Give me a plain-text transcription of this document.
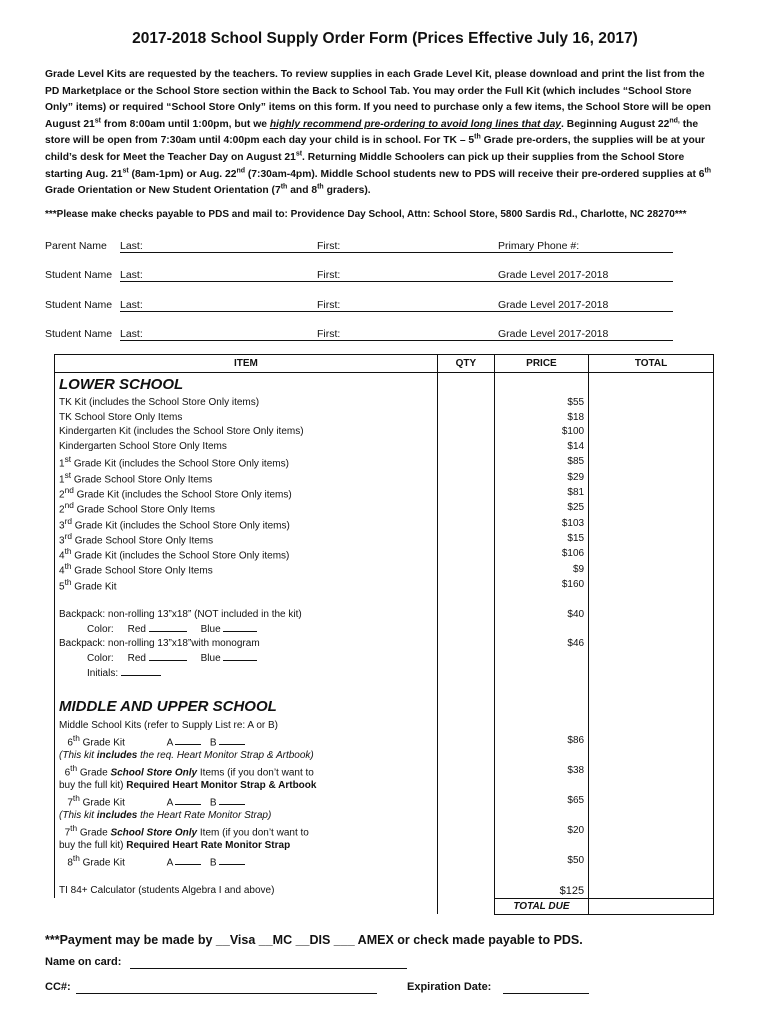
2017-2018 School Supply Order Form (Prices Effective July 16, 2017)
Grade Level Kits are requested by the teachers. To review supplies in each Grade Level Kit, please download and print the list from the PD Marketplace or the School Store section within the Back to School Tab. You may order the Full Kit (which includes “School Store Only” items) or required “School Store Only” items on this form. If you need to purchase only a few items, the School Store will be open August 21st from 8:00am until 1:00pm, but we highly recommend pre-ordering to avoid long lines that day. Beginning August $22^{nd,}$ the store will be open from 7:30am until 4:00pm each day your child is in school. For TK – 5th Grade pre-orders, the supplies will be at your child’s desk for Meet the Teacher Day on August 21st. Returning Middle Schoolers can pick up their supplies from the School Store starting Aug. 21st (8am-1pm) or Aug. 22nd (7:30am-4pm). Middle School students new to PDS will receive their pre-ordered supplies at 6th Grade Orientation or New Student Orientation (7th and 8th graders).
***Please make checks payable to PDS and mail to: Providence Day School, Attn: School Store, 5800 Sardis Rd., Charlotte, NC 28270***
Parent Name Last:	First:	Primary Phone #:
Student Name Last:	First:	Grade Level 2017-2018
Student Name Last:	First:	Grade Level 2017-2018
Student Name Last:	First:	Grade Level 2017-2018
ITEM	QTY	PRICE	TOTAL
LOWER SCHOOL			
TK Kit (includes the School Store Only items)		$55	
TK School Store Only Items		$18	
Kindergarten Kit (includes the School Store Only items)		$100	
Kindergarten School Store Only Items		$14	
1st Grade Kit (includes the School Store Only items)		$85	
1st Grade School Store Only Items		$29	
2nd Grade Kit (includes the School Store Only items)		$81	
2nd Grade School Store Only Items		$25	
3rd Grade Kit (includes the School Store Only items)		$103	
3rd Grade School Store Only Items		$15	
4th Grade Kit (includes the School Store Only items)		$106	
4th Grade School Store Only Items		$9	
5th Grade Kit		$160	

Backpack: non-rolling 13”x18” (NOT included in the kit)		$40	
Color: Red Blue			
Backpack: non-rolling 13”x18”with monogram		$46	
Color: Red Blue			
Initials:			

MIDDLE AND UPPER SCHOOL			
Middle School Kits (refer to Supply List re: A or B)			
6th Grade Kit A B		$86	
(This kit includes the req. Heart Monitor Strap & Artbook)			
6th Grade School Store Only Items (if you don’t want to		$38	
buy the full kit) Required Heart Monitor Strap & Artbook			
7th Grade Kit A B		$65	
(This kit includes the Heart Rate Monitor Strap)			
7th Grade School Store Only Item (if you don’t want to		$20	
buy the full kit) Required Heart Rate Monitor Strap			
8th Grade Kit A B		$50	

TI 84+ Calculator (students Algebra I and above)		$125	
		TOTAL DUE	
***Payment may be made by __Visa __MC __DIS ___ AMEX or check made payable to PDS.
Name on card:
CC#:	Expiration Date:
